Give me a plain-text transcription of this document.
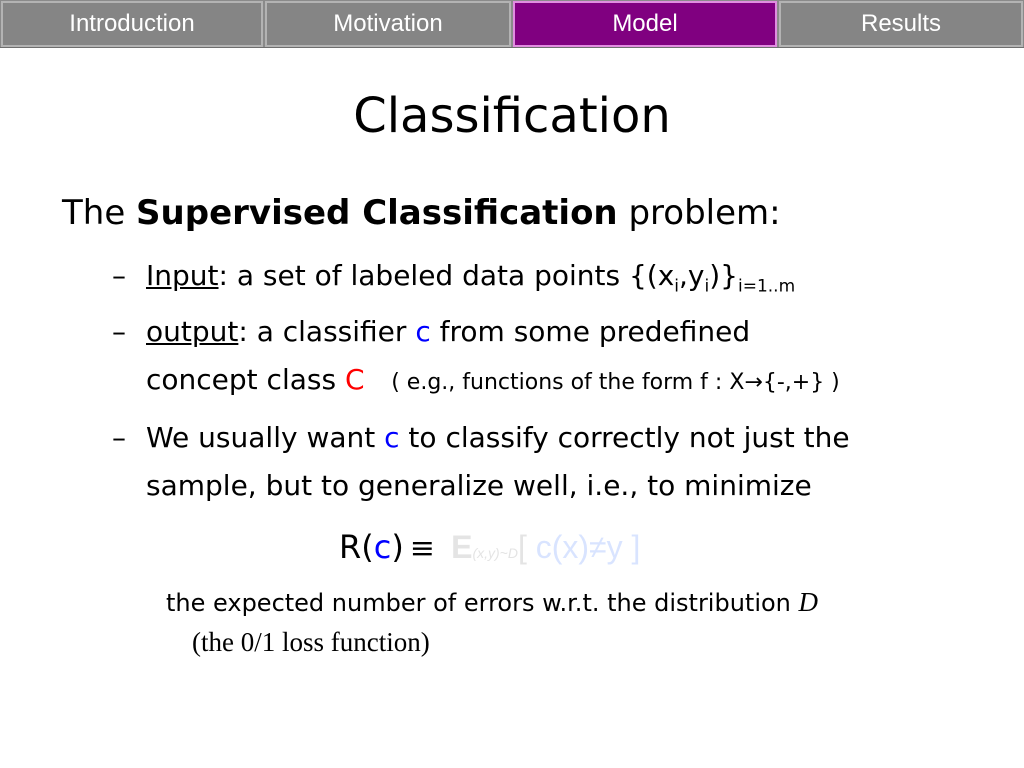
Introduction	Motivation	Model	Results
Classification
The Supervised Classification problem:
– Input: a set of labeled data points $\{(x_i,y_i)\}_{i=1..m}$
– output: a classifier c from some predefined
concept class C ( e.g., functions of the form f : X→{-,+} )
– We usually want c to classify correctly not just the
sample, but to generalize well, i.e., to minimize
R(c) ≡ E(x,y)~D[ c(x)≠y ]
the expected number of errors w.r.t. the distribution D
(the 0/1 loss function)
